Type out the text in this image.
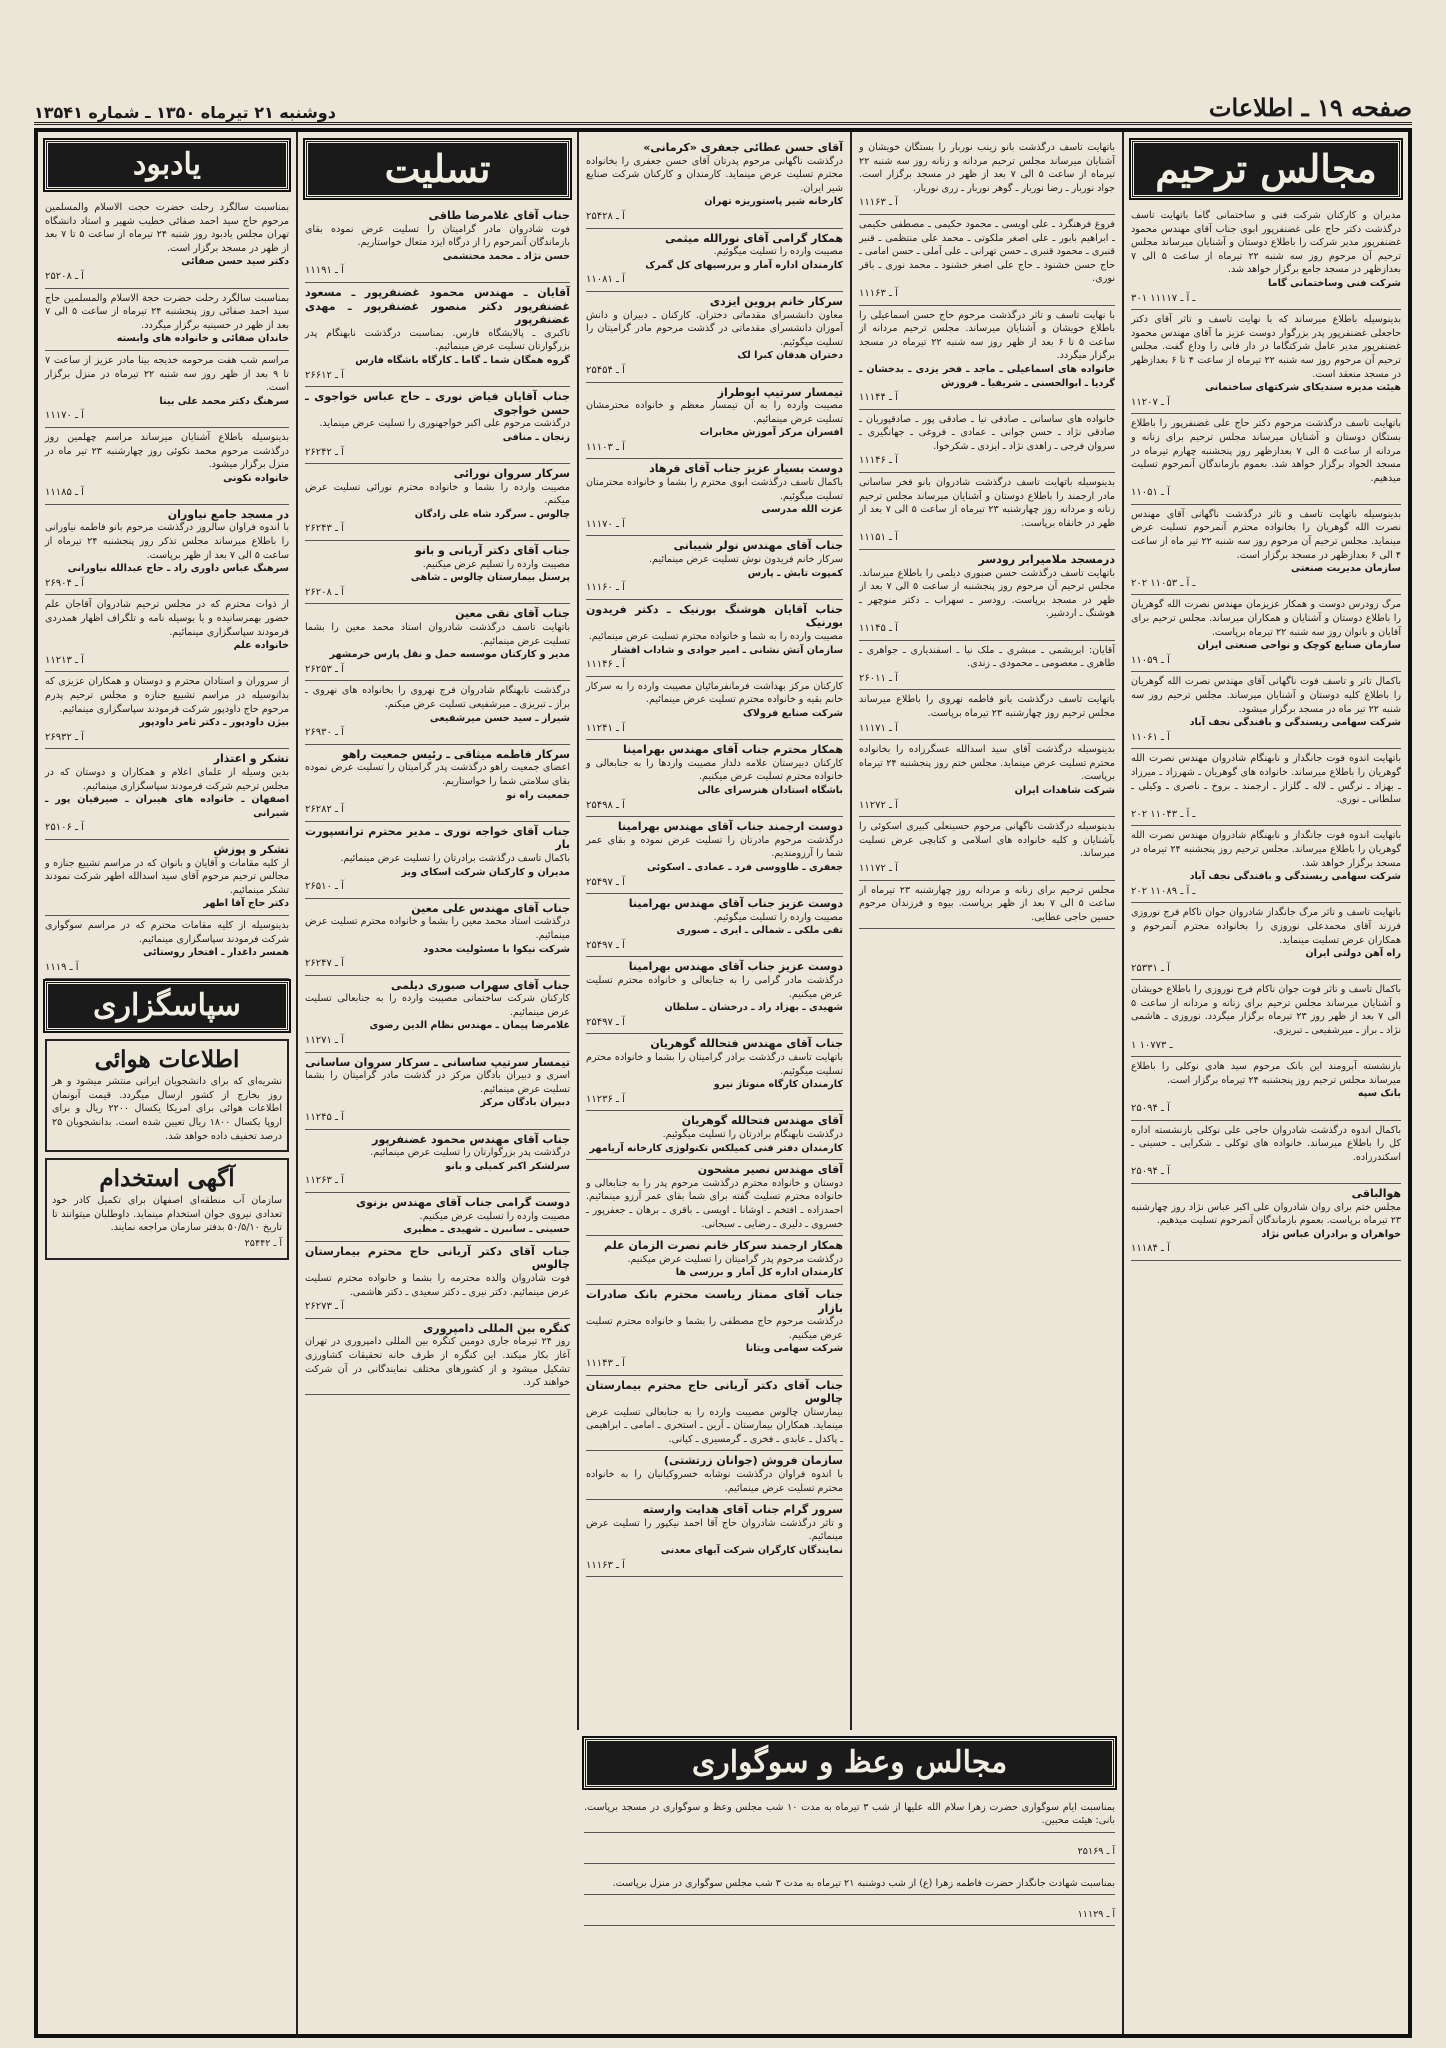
صفحه ۱۹ ـ اطلاعات
دوشنبه ۲۱ تیرماه ۱۳۵۰ ـ شماره ۱۳۵۴۱
مجالس ترحیم
مدیران و کارکنان شرکت فنی و ساختمانی گاما باتهایت تاسف درگذشت دکتر حاج علی غضنفرپور ابوی جناب آقای مهندس محمود غضنفرپور مدیر شرکت را باطلاع دوستان و آشنایان میرساند مجلس ترحیم آن مرحوم روز سه شنبه ۲۲ تیرماه از ساعت ۵ الی ۷ بعدازظهر در مسجد جامع برگزار خواهد شد.
شرکت فنی وساختمانی گاما
۳۰۱ ـ آ ـ ۱۱۱۱۷
بدینوسیله باطلاع میرساند که با نهایت تاسف و تاثر آقای دکتر حاجعلی غضنفرپور پدر بزرگوار دوست عزیز ما آقای مهندس محمود غضنفرپور مدیر عامل شرکتگاما در دار فانی را وداع گفت. مجلس ترحیم آن مرحوم روز سه شنبه ۲۲ تیرماه از ساعت ۴ تا ۶ بعدازظهر در مسجد منعقد است.
هیئت مدیره سندیکای شرکتهای ساختمانی
آ ـ ۱۱۲۰۷
باتهایت تاسف درگذشت مرحوم دکتر حاج علی غضنفرپور را باطلاع بستگان دوستان و آشنایان میرساند مجلس ترحیم برای زنانه و مردانه از ساعت ۵ الی ۷ بعدازظهر روز پنجشنبه چهارم تیرماه در مسجد الجواد برگزار خواهد شد. بعموم بازماندگان آنمرحوم تسلیت میدهیم.
آ ـ ۱۱۰۵۱
بدینوسیله باتهایت تاسف و تاثر درگذشت ناگهانی آقای مهندس نصرت الله گوهریان را بخانواده محترم آنمرحوم تسلیت عرض مینماید. مجلس ترحیم آن مرحوم روز سه شنبه ۲۲ تیر ماه از ساعت ۴ الی ۶ بعدازظهر در مسجد برگزار است.
سازمان مدیریت صنعتی
۲۰۲ ـ آ ـ ۱۱۰۵۳
مرگ زودرس دوست و همکار عزیزمان مهندس نصرت الله گوهریان را باطلاع دوستان و آشنایان و همکاران میرساند. مجلس ترحیم برای آقایان و بانوان روز سه شنبه ۲۲ تیرماه برپاست.
سازمان صنایع کوچک و نواحی صنعتی ایران
آ ـ ۱۱۰۵۹
باکمال تاثر و تاسف فوت ناگهانی آقای مهندس نصرت الله گوهریان را باطلاع کلیه دوستان و آشنایان میرساند. مجلس ترحیم روز سه شنبه ۲۲ تیر ماه در مسجد برگزار میشود.
شرکت سهامی ریسندگی و بافندگی نجف آباد
آ ـ ۱۱۰۶۱
باتهایت اندوه فوت جانگداز و نابهنگام شادروان مهندس نصرت الله گوهریان را باطلاع میرساند. خانواده های گوهریان ـ شهرزاد ـ میرزاد ـ بهزاد ـ نرگس ـ لاله ـ گلزار ـ ارجمند ـ بروخ ـ ناصری ـ وکیلی ـ سلطانی ـ نوری.
۲۰۲ ـ آ ـ ۱۱۰۴۳
باتهایت اندوه فوت جانگداز و نابهنگام شادروان مهندس نصرت الله گوهریان را باطلاع میرساند. مجلس ترحیم روز پنجشنبه ۲۴ تیرماه در مسجد برگزار خواهد شد.
شرکت سهامی ریسندگی و بافندگی نجف آباد
۲۰۲ ـ آ ـ ۱۱۰۸۹
باتهایت تاسف و تاثر مرگ جانگداز شادروان جوان ناکام فرج نوروزی فرزند آقای محمدعلی نوروزی را بخانواده محترم آنمرحوم و همکاران عرض تسلیت مینماید.
راه آهن دولتی ایران
آ ـ ۲۵۳۳۱
باکمال تاسف و تاثر فوت جوان ناکام فرج نوروزی را باطلاع خویشان و آشنایان میرساند مجلس ترحیم برای زنانه و مردانه از ساعت ۵ الی ۷ بعد از ظهر روز ۲۳ تیرماه برگزار میگردد. نوروزی ـ هاشمی نژاد ـ براز ـ میرشفیعی ـ تبریزی.
۱ ـ ۱۰۷۷۳
بازنشسته آبرومند این بانک مرحوم سید هادی نوکلی را باطلاع میرساند مجلس ترحیم روز پنجشنبه ۲۴ تیرماه برگزار است.
بانک سپه
آ ـ ۲۵۰۹۴
باکمال اندوه درگذشت شادروان حاجی علی نوکلی بازنشسته اداره کل را باطلاع میرساند. خانواده های توکلی ـ شکرایی ـ حسینی ـ اسکندرزاده.
آ ـ ۲۵۰۹۴
هوالباقی
مجلس ختم برای روان شادروان علی اکبر عباس نژاد روز چهارشنبه ۲۳ تیرماه برپاست. بعموم بازماندگان آنمرحوم تسلیت میدهیم.
خواهران و برادران عباس نژاد
آ ـ ۱۱۱۸۴
باتهایت تاسف درگذشت بانو زینب نوربار را بستگان خویشان و آشنایان میرساند مجلس ترحیم مردانه و زنانه روز سه شنبه ۲۲ تیرماه از ساعت ۵ الی ۷ بعد از ظهر در مسجد برگزار است. جواد نوربار ـ رضا نوربار ـ گوهر نوربار ـ زری نوربار.
آ ـ ۱۱۱۶۳
فروغ فرهنگرد ـ علی اویسی ـ محمود حکیمی ـ مصطفی حکیمی ـ ابراهیم بابور ـ علی اصغر ملکوتی ـ محمد علی منتظمی ـ قنبر قنبری ـ محمود قنبری ـ حسن تهرانی ـ علی آملی ـ حسن امامی ـ حاج حسن خشنود ـ حاج علی اصغر خشنود ـ محمد نوری ـ باقر نوری.
آ ـ ۱۱۱۶۳
با نهایت تاسف و تاثر درگذشت مرحوم حاج حسن اسماعیلی را باطلاع خویشان و آشنایان میرساند. مجلس ترحیم مردانه از ساعت ۵ تا ۶ بعد از ظهر روز سه شنبه ۲۲ تیرماه در مسجد برگزار میگردد.
خانواده های اسماعیلی ـ ماجد ـ فخر یزدی ـ بدخشان ـ گردیا ـ ابوالحسنی ـ شریفیا ـ فروزش
آ ـ ۱۱۱۴۴
خانواده های ساسانی ـ صادقی نیا ـ صادقی پور ـ صادقپوریان ـ صادقی نژاد ـ حسن جوانی ـ عمادی ـ فروغی ـ جهانگیری ـ سروان فرجی ـ زاهدی نژاد ـ ایزدی ـ شکرخوا.
آ ـ ۱۱۱۴۶
بدینوسیله باتهایت تاسف درگذشت شادروان بانو فخر ساسانی مادر ارجمند را باطلاع دوستان و آشنایان میرساند مجلس ترحیم زنانه و مردانه روز چهارشنبه ۲۳ تیرماه از ساعت ۵ الی ۷ بعد از ظهر در خانقاه برپاست.
آ ـ ۱۱۱۵۱
درمسجد ملامیرابر رودسر
باتهایت تاسف درگذشت حسن صبوری دیلمی را باطلاع میرساند. مجلس ترحیم آن مرحوم روز پنجشنبه از ساعت ۵ الی ۷ بعد از ظهر در مسجد برپاست. رودسر ـ سهراب ـ دکتر منوچهر ـ هوشنگ ـ اردشیر.
آ ـ ۱۱۱۴۵
آقایان: ابریشمی ـ مبشری ـ ملک نیا ـ اسفندیاری ـ جواهری ـ طاهری ـ معصومی ـ محمودی ـ زندی.
آ ـ ۲۶۰۱۱
باتهایت تاسف درگذشت بانو فاطمه نهروی را باطلاع میرساند مجلس ترحیم روز چهارشنبه ۲۳ تیرماه برپاست.
آ ـ ۱۱۱۷۱
بدینوسیله درگذشت آقای سید اسدالله عسگرزاده را بخانواده محترم تسلیت عرض مینماید. مجلس ختم روز پنجشنبه ۲۴ تیرماه برپاست.
شرکت شاهدات ایران
آ ـ ۱۱۲۷۲
بدینوسیله درگذشت ناگهانی مرحوم حسینعلی کبیری اسکوئی را بآشنایان و کلیه خانواده های اسلامی و کتابچی عرض تسلیت میرساند.
آ ـ ۱۱۱۷۲
مجلس ترحیم برای زنانه و مردانه روز چهارشنبه ۲۳ تیرماه از ساعت ۵ الی ۷ بعد از ظهر برپاست. بیوه و فرزندان مرحوم حسین حاجی عطایی.
آقای حسن عطائی جعفری «کرمانی»
درگذشت ناگهانی مرحوم پدرتان آقای حسن جعفری را بخانواده محترم تسلیت عرض مینماید. کارمندان و کارکنان شرکت صنایع شیر ایران.
کارخانه شیر پاستوریزه تهران
آ ـ ۲۵۴۲۸
همکار گرامی آقای نورالله میثمی
مصیبت وارده را تسلیت میگوئیم.
کارمندان اداره آمار و بررسیهای کل گمرک
آ ـ ۱۱۰۸۱
سرکار خانم پروین ایزدی
معاون دانشسرای مقدماتی دختران. کارکنان ـ دبیران و دانش آموزان دانشسرای مقدماتی در گذشت مرحوم مادر گرامیتان را تسلیت میگوئیم.
دختران هدفان کبرا لک
آ ـ ۲۵۴۵۴
تیمسار سرتیپ ابوطراز
مصیبت وارده را به آن تیمسار معظم و خانواده محترمشان تسلیت عرض مینمائیم.
افسران مرکز آموزش مخابرات
آ ـ ۱۱۱۰۳
دوست بسیار عزیز جناب آقای فرهاد
باکمال تاسف درگذشت ابوی محترم را بشما و خانواده محترمتان تسلیت میگوئیم.
عزت الله مدرسی
آ ـ ۱۱۱۷۰
جناب آقای مهندس نولر شیبانی
سرکار خانم فریدون نوش تسلیت عرض مینمائیم.
کمپوت تابش ـ پارس
آ ـ ۱۱۱۶۰
جناب آقایان هوشنگ بورنیک ـ دکتر فریدون بورنیک
مصیبت وارده را به شما و خانواده محترم تسلیت عرض مینمائیم.
سازمان آتش نشانی ـ امیر جوادی و شاداب افشار
آ ـ ۱۱۱۴۶
کارکنان مرکز بهداشت فرمانفرمائیان مصیبت وارده را به سرکار خانم بقیه و خانواده محترم تسلیت عرض مینمائیم.
شرکت صنایع فرولاک
آ ـ ۱۱۲۴۱
همکار محترم جناب آقای مهندس بهرامینا
کارکنان دبیرستان علامه دلدار مصیبت واردها را به جنابعالی و خانواده محترم تسلیت عرض میکنیم.
باشگاه استادان هنرسرای عالی
آ ـ ۲۵۴۹۸
دوست ارجمند جناب آقای مهندس بهرامینا
درگذشت مرحوم مادرتان را تسلیت عرض نموده و بقای عمر شما را آرزومندیم.
جعفری ـ طاووسی فرد ـ عمادی ـ اسکوئی
آ ـ ۲۵۴۹۷
دوست عزیز جناب آقای مهندس بهرامینا
مصیبت وارده را تسلیت میگوئیم.
تقی ملکی ـ شمالی ـ ایری ـ صبوری
آ ـ ۲۵۴۹۷
دوست عزیز جناب آقای مهندس بهرامینا
درگذشت مادر گرامی را به جنابعالی و خانواده محترم تسلیت عرض میکنیم.
شهیدی ـ بهزاد راد ـ درخشان ـ سلطان
آ ـ ۲۵۴۹۷
جناب آقای مهندس فتحالله گوهریان
باتهایت تاسف درگذشت برادر گرامیتان را بشما و خانواده محترم تسلیت میگوئیم.
کارمندان کارگاه منوتاژ نیرو
آ ـ ۱۱۲۳۶
آقای مهندس فتحالله گوهریان
درگذشت نابهنگام برادرتان را تسلیت میگوئیم.
کارمندان دفتر فنی کمیلکس تکنولوژی کارخانه آریامهر
آقای مهندس نصیر مشحون
دوستان و خانواده محترم درگذشت مرحوم پدر را به جنابعالی و خانواده محترم تسلیت گفته برای شما بقای عمر آرزو مینمائیم. احمدزاده ـ افتخم ـ اوشانا ـ اویسی ـ باقری ـ برهان ـ جعفرپور ـ خسروی ـ دلیری ـ رضایی ـ سبحانی.
همکار ارجمند سرکار خانم نصرت الزمان علم
درگذشت مرحوم پدر گرامیتان را تسلیت عرض میکنیم.
کارمندان اداره کل آمار و بررسی ها
جناب آقای ممتاز ریاست محترم بانک صادرات بازار
درگذشت مرحوم حاج مصطفی را بشما و خانواده محترم تسلیت عرض میکنیم.
شرکت سهامی ویتانا
آ ـ ۱۱۱۴۳
جناب آقای دکتر آریانی حاج محترم بیمارستان چالوس
بیمارستان چالوس مصیبت وارده را به جنابعالی تسلیت عرض مینماید. همکاران بیمارستان ـ آرین ـ استخری ـ امامی ـ ابراهیمی ـ پاکدل ـ عابدی ـ فخری ـ گرمسیری ـ کیانی.
سازمان فروش (جوانان زرتشتی)
با اندوه فراوان درگذشت نوشابه خسروکیانیان را به خانواده محترم تسلیت عرض مینمائیم.
سرور گرام جناب آقای هدایت وارسته
و تاثر درگذشت شادروان حاج آقا احمد نیکپور را تسلیت عرض مینمائیم.
نمایندگان کارگران شرکت آبهای معدنی
آ ـ ۱۱۱۶۳
تسلیت
جناب آقای غلامرضا طاقی
فوت شادروان مادر گرامیتان را تسلیت عرض نموده بقای بازماندگان آنمرحوم را از درگاه ایزد متعال خواستاریم.
حسن نژاد ـ محمد محتشمی
آ ـ ۱۱۱۹۱
آقایان ـ مهندس محمود غضنفرپور ـ مسعود غضنفرپور دکتر منصور غضنفرپور ـ مهدی غضنفرپور
تاکبری ـ پالایشگاه فارس. بمناسبت درگذشت نابهنگام پدر بزرگوارتان تسلیت عرض مینمائیم.
گروه همگان شما ـ گاما ـ کارگاه باشگاه فارس
آ ـ ۲۶۶۱۲
جناب آقایان فیاض نوری ـ حاج عباس خواجوی ـ حسن خواجوی
درگذشت مرحوم علی اکبر خواجهنوری را تسلیت عرض مینماید.
زنجان ـ منافی
آ ـ ۲۶۲۴۲
سرکار سروان نورائی
مصیبت وارده را بشما و خانواده محترم نورائی تسلیت عرض میکنم.
چالوس ـ سرگرد شاه علی زادگان
آ ـ ۲۶۲۴۳
جناب آقای دکتر آریانی و بانو
مصیبت وارده را تسلیم عرض میکنیم.
پرسنل بیمارستان چالوس ـ شاهی
آ ـ ۲۶۲۰۸
جناب آقای نقی معین
باتهایت تاسف درگذشت شادروان استاد محمد معین را بشما تسلیت عرض مینمائیم.
مدیر و کارکنان موسسه حمل و نقل پارس خرمشهر
آ ـ ۲۶۲۵۳
درگذشت نابهنگام شادروان فرج نهروی را بخانواده های نهروی ـ براز ـ تبریزی ـ میرشفیعی تسلیت عرض میکنم.
شیراز ـ سید حسن میرشفیعی
آ ـ ۲۶۹۳۰
سرکار فاطمه میثاقی ـ رئیس جمعیت راهو
اعضای جمعیت راهو درگذشت پدر گرامیتان را تسلیت عرض نموده بقای سلامتی شما را خواستاریم.
جمعیت راه نو
آ ـ ۲۶۲۸۲
جناب آقای خواجه نوری ـ مدیر محترم ترانسپورت بار
باکمال تاسف درگذشت برادرتان را تسلیت عرض مینمائیم.
مدیران و کارکنان شرکت اسکای ویز
آ ـ ۲۶۵۱۰
جناب آقای مهندس علی معین
درگذشت استاد محمد معین را بشما و خانواده محترم تسلیت عرض مینمائیم.
شرکت نیکوا با مسئولیت محدود
آ ـ ۲۶۲۴۷
جناب آقای سهراب صبوری دیلمی
کارکنان شرکت ساختمانی مصیبت وارده را به جنابعالی تسلیت عرض مینمائیم.
غلامرضا پیمان ـ مهندس نظام الدین رضوی
آ ـ ۱۱۲۷۱
تیمسار سرتیپ ساسانی ـ سرکار سروان ساسانی
اسری و دبیران بادگان مرکز در گذشت مادر گرامیتان را بشما تسلیت عرض مینمائیم.
دبیران بادگان مرکز
آ ـ ۱۱۲۴۵
جناب آقای مهندس محمود غضنفرپور
درگذشت پدر بزرگوارتان را تسلیت عرض مینمائیم.
سرلشکر اکبر کمیلی و بانو
آ ـ ۱۱۲۶۳
دوست گرامی جناب آقای مهندس بزنوی
مصیبت وارده را تسلیت عرض میکنیم.
حسینی ـ سانبرن ـ شهیدی ـ مظیری
جناب آقای دکتر آریانی حاج محترم بیمارستان چالوس
فوت شادروان والده محترمه را بشما و خانواده محترم تسلیت عرض مینمائیم. دکتر نیری ـ دکتر سعیدی ـ دکتر هاشمی.
آ ـ ۲۶۲۷۳
کنگره بین المللی دامپروری
روز ۲۴ تیرماه جاری دومین کنگره بین المللی دامپروری در تهران آغاز بکار میکند. این کنگره از طرف خانه تحقیقات کشاورزی تشکیل میشود و از کشورهای مختلف نمایندگانی در آن شرکت خواهند کرد.
یادبود
بمناسبت سالگرد رحلت حضرت حجت الاسلام والمسلمین مرحوم حاج سید احمد صفائی خطیب شهیر و استاد دانشگاه تهران مجلس یادبود روز شنبه ۲۴ تیرماه از ساعت ۵ تا ۷ بعد از ظهر در مسجد برگزار است.
دکتر سید حسن صفائی
آ ـ ۲۵۲۰۸
بمناسبت سالگرد رحلت حضرت حجة الاسلام والمسلمین حاج سید احمد صفائی روز پنجشنبه ۲۴ تیرماه از ساعت ۵ الی ۷ بعد از ظهر در حسینیه برگزار میگردد.
خاندان صفائی و خانواده های وابسته
مراسم شب هفت مرحومه خدیجه بینا مادر عزیز از ساعت ۷ تا ۹ بعد از ظهر روز سه شنبه ۲۲ تیرماه در منزل برگزار است.
سرهنگ دکتر محمد علی بینا
آ ـ ۱۱۱۷۰
بدینوسیله باطلاع آشنایان میرساند مراسم چهلمین روز درگذشت مرحوم محمد نکوئی روز چهارشنبه ۲۳ تیر ماه در منزل برگزار میشود.
خانواده نکونی
آ ـ ۱۱۱۸۵
در مسجد جامع نیاوران
با اندوه فراوان سالروز درگذشت مرحوم بانو فاطمه نیاورانی را باطلاع میرساند مجلس تذکر روز پنجشنبه ۲۴ تیرماه از ساعت ۵ الی ۷ بعد از ظهر برپاست.
سرهنگ عباس داوری راد ـ حاج عبدالله نیاورانی
آ ـ ۲۶۹۰۴
از ذوات محترم که در مجلس ترحیم شادروان آقاجان علم حضور بهمرسانیده و یا بوسیله نامه و تلگراف اظهار همدردی فرمودند سپاسگزاری مینمائیم.
خانواده علم
آ ـ ۱۱۲۱۳
از سروران و استادان محترم و دوستان و همکاران عزیزی که بدانوسیله در مراسم تشییع جنازه و مجلس ترحیم پدرم مرحوم حاج داودپور شرکت فرمودند سپاسگزاری مینمائیم.
بیژن داودپور ـ دکتر ثامر داودپور
آ ـ ۲۶۹۳۲
تشکر و اعتذار
بدین وسیله از علمای اعلام و همکاران و دوستان که در مجلس ترحیم شرکت فرمودند سپاسگزاری مینمائیم.
اصفهان ـ خانواده های هیبران ـ صیرفیان پور ـ شیرانی
آ ـ ۲۵۱۰۶
تشکر و پوزش
از کلیه مقامات و آقایان و بانوان که در مراسم تشییع جنازه و مجالس ترحیم مرحوم آقای سید اسدالله اطهر شرکت نمودند تشکر مینمائیم.
دکتر حاج آقا اطهر
بدینوسیله از کلیه مقامات محترم که در مراسم سوگواری شرکت فرمودند سپاسگزاری مینمائیم.
همسر داغدار ـ افتخار روستائی
آ ـ ۱۱۱۹
سپاسگزاری
اطلاعات هوائی

نشریه‌ای که برای دانشجویان ایرانی منتشر میشود و هر روز بخارج از کشور ارسال میگردد. قیمت آبونمان اطلاعات هوائی برای امریکا یکسال ۲۲۰۰ ریال و برای اروپا یکسال ۱۸۰۰ ریال تعیین شده است. بدانشجویان ۲۵ درصد تخفیف داده خواهد شد.

آگهی استخدام

سازمان آب منطقه‌ای اصفهان برای تکمیل کادر خود تعدادی نیروی جوان استخدام مینماید. داوطلبان میتوانند تا تاریخ ۵۰/۵/۱۰ بدفتر سازمان مراجعه نمایند.

آ ـ ۲۵۴۴۲

مجالس وعظ و سوگواری

بمناسبت ایام سوگواری حضرت زهرا سلام الله علیها از شب ۳ تیرماه به مدت ۱۰ شب مجلس وعظ و سوگواری در مسجد برپاست. بانی: هیئت محبین.

آ ـ ۲۵۱۶۹

بمناسبت شهادت جانگداز حضرت فاطمه زهرا (ع) از شب دوشنبه ۲۱ تیرماه به مدت ۳ شب مجلس سوگواری در منزل برپاست.

آ ـ ۱۱۱۲۹
